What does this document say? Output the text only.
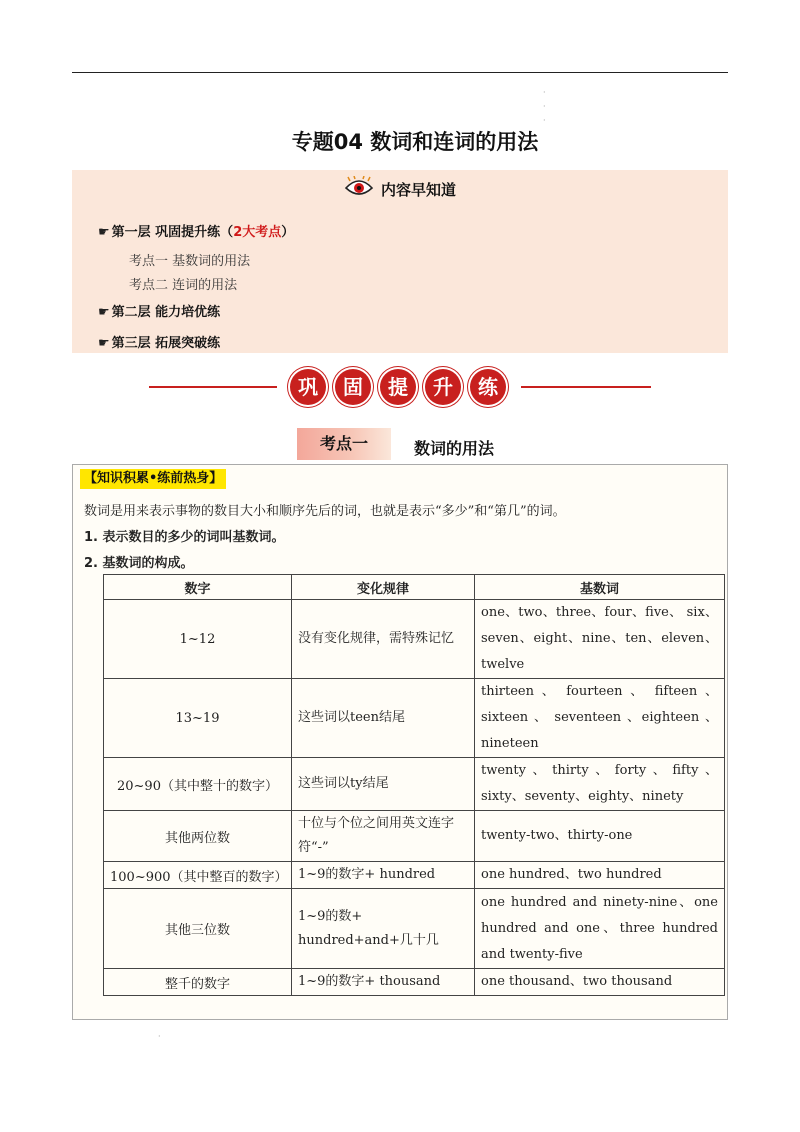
·
·
·
专题04 数词和连词的用法
内容早知道
☛ 第一层 巩固提升练（2大考点）
考点一 基数词的用法
考点二 连词的用法
☛ 第二层 能力培优练
☛ 第三层 拓展突破练
巩	固	提	升	练
考点一	数词的用法
【知识积累•练前热身】
数词是用来表示事物的数目大小和顺序先后的词，也就是表示“多少”和“第几”的词。
1. 表示数目的多少的词叫基数词。
2. 基数词的构成。
数字	变化规律	基数词
1~12	没有变化规律，需特殊记忆	one、two、three、four、five、 six、seven、eight、nine、ten、eleven、twelve
13~19	这些词以teen结尾	thirteen 、 fourteen 、 fifteen 、sixteen 、 seventeen 、eighteen 、nineteen
20~90（其中整十的数字）	这些词以ty结尾	twenty、thirty、forty、fifty、 sixty、seventy、eighty、ninety
其他两位数	十位与个位之间用英文连字符“-”	twenty-two、thirty-one
100~900（其中整百的数字）	1~9的数字+ hundred	one hundred、two hundred
其他三位数	1~9的数+ hundred+and+几十几	one hundred and ninety-nine、one hundred and one、three hundred and twenty-five
整千的数字	1~9的数字+ thousand	one thousand、two thousand
·
